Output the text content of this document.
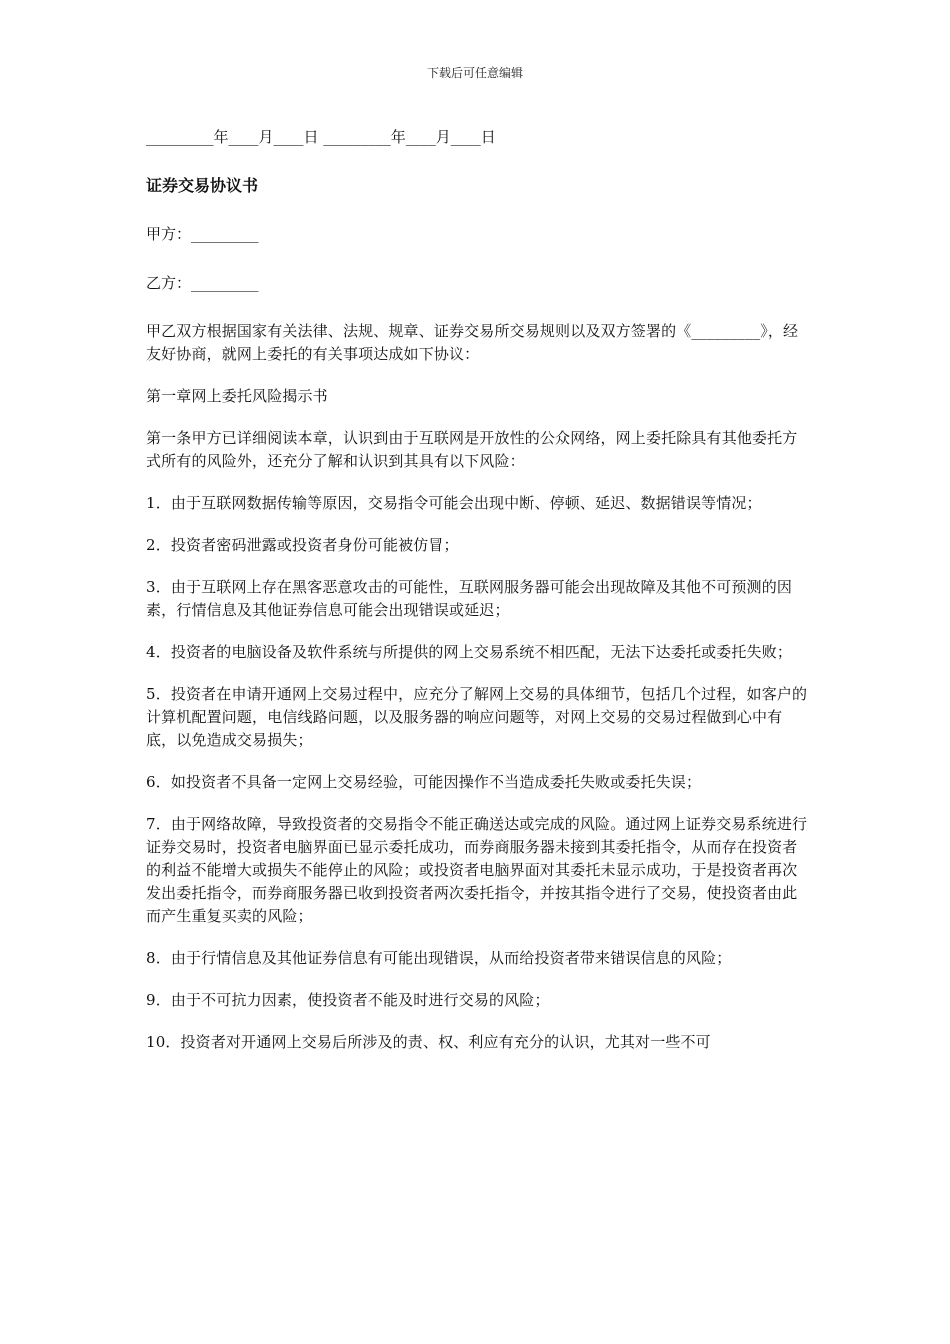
下载后可任意编辑
_________年____月____日 _________年____月____日
证券交易协议书
甲方：_________
乙方：_________

甲乙双方根据国家有关法律、法规、规章、证券交易所交易规则以及双方签署的《_________》，经友好协商，就网上委托的有关事项达成如下协议：

第一章网上委托风险揭示书

第一条甲方已详细阅读本章，认识到由于互联网是开放性的公众网络，网上委托除具有其他委托方式所有的风险外，还充分了解和认识到其具有以下风险：

1．由于互联网数据传输等原因，交易指令可能会出现中断、停顿、延迟、数据错误等情况；

2．投资者密码泄露或投资者身份可能被仿冒；

3．由于互联网上存在黑客恶意攻击的可能性，互联网服务器可能会出现故障及其他不可预测的因素，行情信息及其他证券信息可能会出现错误或延迟；

4．投资者的电脑设备及软件系统与所提供的网上交易系统不相匹配，无法下达委托或委托失败；

5．投资者在申请开通网上交易过程中，应充分了解网上交易的具体细节，包括几个过程，如客户的计算机配置问题，电信线路问题，以及服务器的响应问题等，对网上交易的交易过程做到心中有底，以免造成交易损失；

6．如投资者不具备一定网上交易经验，可能因操作不当造成委托失败或委托失误；

7．由于网络故障，导致投资者的交易指令不能正确送达或完成的风险。通过网上证券交易系统进行证券交易时，投资者电脑界面已显示委托成功，而券商服务器未接到其委托指令，从而存在投资者的利益不能增大或损失不能停止的风险；或投资者电脑界面对其委托未显示成功，于是投资者再次发出委托指令，而券商服务器已收到投资者两次委托指令，并按其指令进行了交易，使投资者由此而产生重复买卖的风险；

8．由于行情信息及其他证券信息有可能出现错误，从而给投资者带来错误信息的风险；

9．由于不可抗力因素，使投资者不能及时进行交易的风险；

10．投资者对开通网上交易后所涉及的责、权、利应有充分的认识，尤其对一些不可
